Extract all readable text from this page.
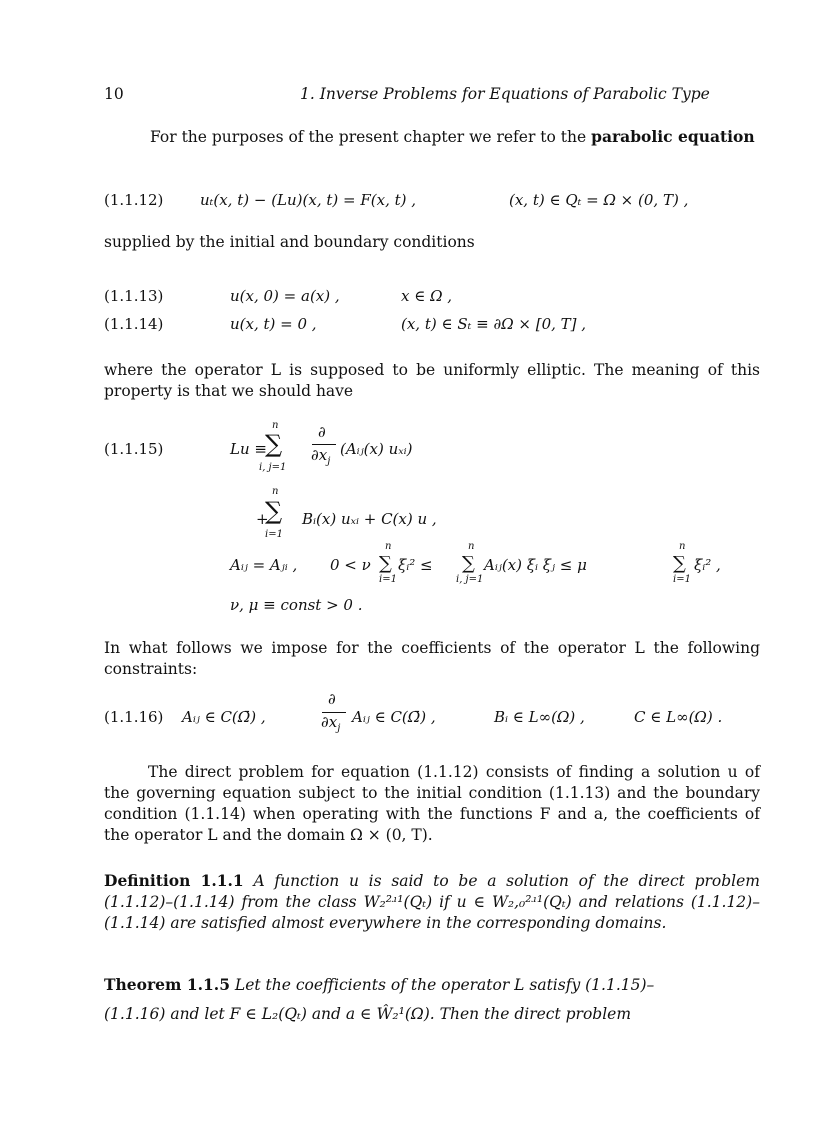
10	1. Inverse Problems for Equations of Parabolic Type
For the purposes of the present chapter we refer to the parabolic equation
(1.1.12) uₜ(x, t) − (Lu)(x, t) = F(x, t) ,	(x, t) ∈ Qₜ = Ω × (0, T) ,
supplied by the initial and boundary conditions
(1.1.13)	u(x, 0) = a(x) ,	x ∈ Ω ,
(1.1.14)	u(x, t) = 0 ,	(x, t) ∈ Sₜ ≡ ∂Ω × [0, T] ,
where the operator L is supposed to be uniformly elliptic. The meaning of this property is that we should have
(1.1.15)	Lu ≡
n
∑
i, j=1
∂
$\partial x_j$
(Aᵢⱼ(x) uₓᵢ)
+
n
∑
i=1
Bᵢ(x) uₓᵢ + C(x) u ,
Aᵢⱼ = Aⱼᵢ , 0 < ν
n
∑
i=1
ξᵢ² ≤
n
∑
i, j=1
Aᵢⱼ(x) ξᵢ ξⱼ ≤ μ
n
∑
i=1
ξᵢ² ,
ν, μ ≡ const > 0 .
In what follows we impose for the coefficients of the operator L the following constraints:
(1.1.16) Aᵢⱼ ∈ C(Ω̄) ,
∂
$\partial x_j$
Aᵢⱼ ∈ C(Ω̄) ,	Bᵢ ∈ L∞(Ω) ,	C ∈ L∞(Ω) .
The direct problem for equation (1.1.12) consists of finding a solution u of the governing equation subject to the initial condition (1.1.13) and the boundary condition (1.1.14) when operating with the functions F and a, the coefficients of the operator L and the domain Ω × (0, T).
Definition 1.1.1 A function u is said to be a solution of the direct problem (1.1.12)–(1.1.14) from the class W₂²ʴ¹(Qₜ) if u ∈ W₂,₀²ʴ¹(Qₜ) and relations (1.1.12)–(1.1.14) are satisfied almost everywhere in the corresponding domains.
Theorem 1.1.5 Let the coefficients of the operator L satisfy (1.1.15)–
(1.1.16) and let F ∈ L₂(Qₜ) and a ∈ Ŵ₂¹(Ω). Then the direct problem
